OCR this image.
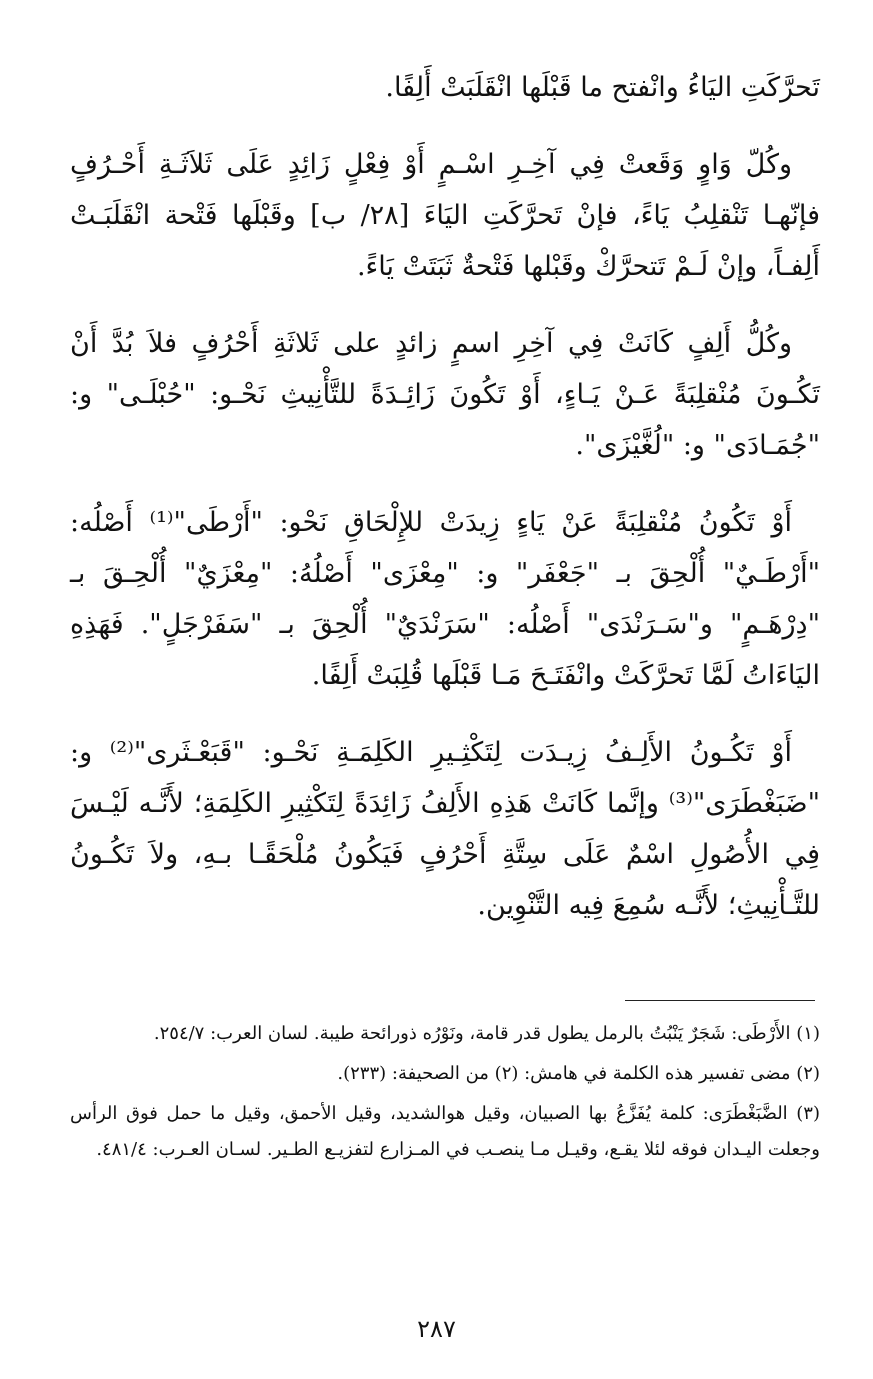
تَحرَّكَتِ اليَاءُ وانْفتح ما قَبْلَها انْقَلَبَتْ أَلِفًا.

وكُلّ وَاوٍ وَقَعتْ فِي آخِـرِ اسْـمٍ أَوْ فِعْلٍ زَائِدٍ عَلَى ثَلاَثَـةِ أَحْـرُفٍ فإنّهـا تَنْقلِبُ يَاءً، فإنْ تَحرَّكَتِ اليَاءَ [٢٨/ ب] وقَبْلَها فَتْحة انْقَلَبَـتْ أَلِفـاً، وإنْ لَـمْ تَتحرَّكْ وقَبْلها فَتْحةٌ ثَبَتَتْ يَاءً.

وكُلُّ أَلِفٍ كَانَتْ فِي آخِرِ اسمٍ زائدٍ على ثَلاثَةِ أَحْرُفٍ فلاَ بُدَّ أَنْ تَكُـونَ مُنْقلِبَةً عَـنْ يَـاءٍ، أَوْ تَكُونَ زَائِـدَةً للتَّأْنِيثِ نَحْـو: "حُبْلَـى" و: "جُمَـادَى" و: "لُغَّيْزَى".

أَوْ تَكُونُ مُنْقلِبَةً عَنْ يَاءٍ زِيدَتْ للإِلْحَاقِ نَحْو: "أَرْطَى"⁽¹⁾ أَصْلُه: "أَرْطَـيٌ" أُلْحِقَ بـ "جَعْفَر" و: "مِعْزَى" أَصْلُهُ: "مِعْزَيٌ" أُلْحِـقَ بـ "دِرْهَـمٍ" و"سَـرَنْدَى" أَصْلُه: "سَرَنْدَيٌ" أُلْحِقَ بـ "سَفَرْجَلٍ". فَهَذِهِ اليَاءَاتُ لَمَّا تَحرَّكَتْ وانْفَتَـحَ مَـا قَبْلَها قُلِبَتْ أَلِفًا.

أَوْ تَكُـونُ الأَلِـفُ زِيـدَت لِتَكْثِـيرِ الكَلِمَـةِ نَحْـو: "قَبَعْـثَرى"⁽²⁾ و: "ضَبَغْطَرَى"⁽³⁾ وإنَّما كَانَتْ هَذِهِ الأَلِفُ زَائِدَةً لِتَكْثِيرِ الكَلِمَةِ؛ لأَنَّـه لَيْـسَ فِي الأُصُولِ اسْمٌ عَلَى سِتَّةِ أَحْرُفٍ فَيَكُونُ مُلْحَقًـا بـهِ، ولاَ تَكُـونُ للتَّـأْنِيثِ؛ لأَنَّـه سُمِعَ فِيه التَّنْوِين.

(١) الأَرْطَى: شَجَرٌ يَنْبُتُ بالرمل يطول قدر قامة، ونَوْرُه ذورائحة طيبة. لسان العرب: ٢٥٤/٧.

(٢) مضى تفسير هذه الكلمة في هامش: (٢) من الصحيفة: (٢٣٣).

(٣) الضَّبَغْطَرَى: كلمة يُفَزَّعُ بها الصبيان، وقيل هوالشديد، وقيل الأحمق، وقيل ما حمل فوق الرأس وجعلت اليـدان فوقه لئلا يقـع، وقيـل مـا ينصـب في المـزارع لتفزيـع الطـير. لسـان العـرب: ٤٨١/٤.

٢٨٧
